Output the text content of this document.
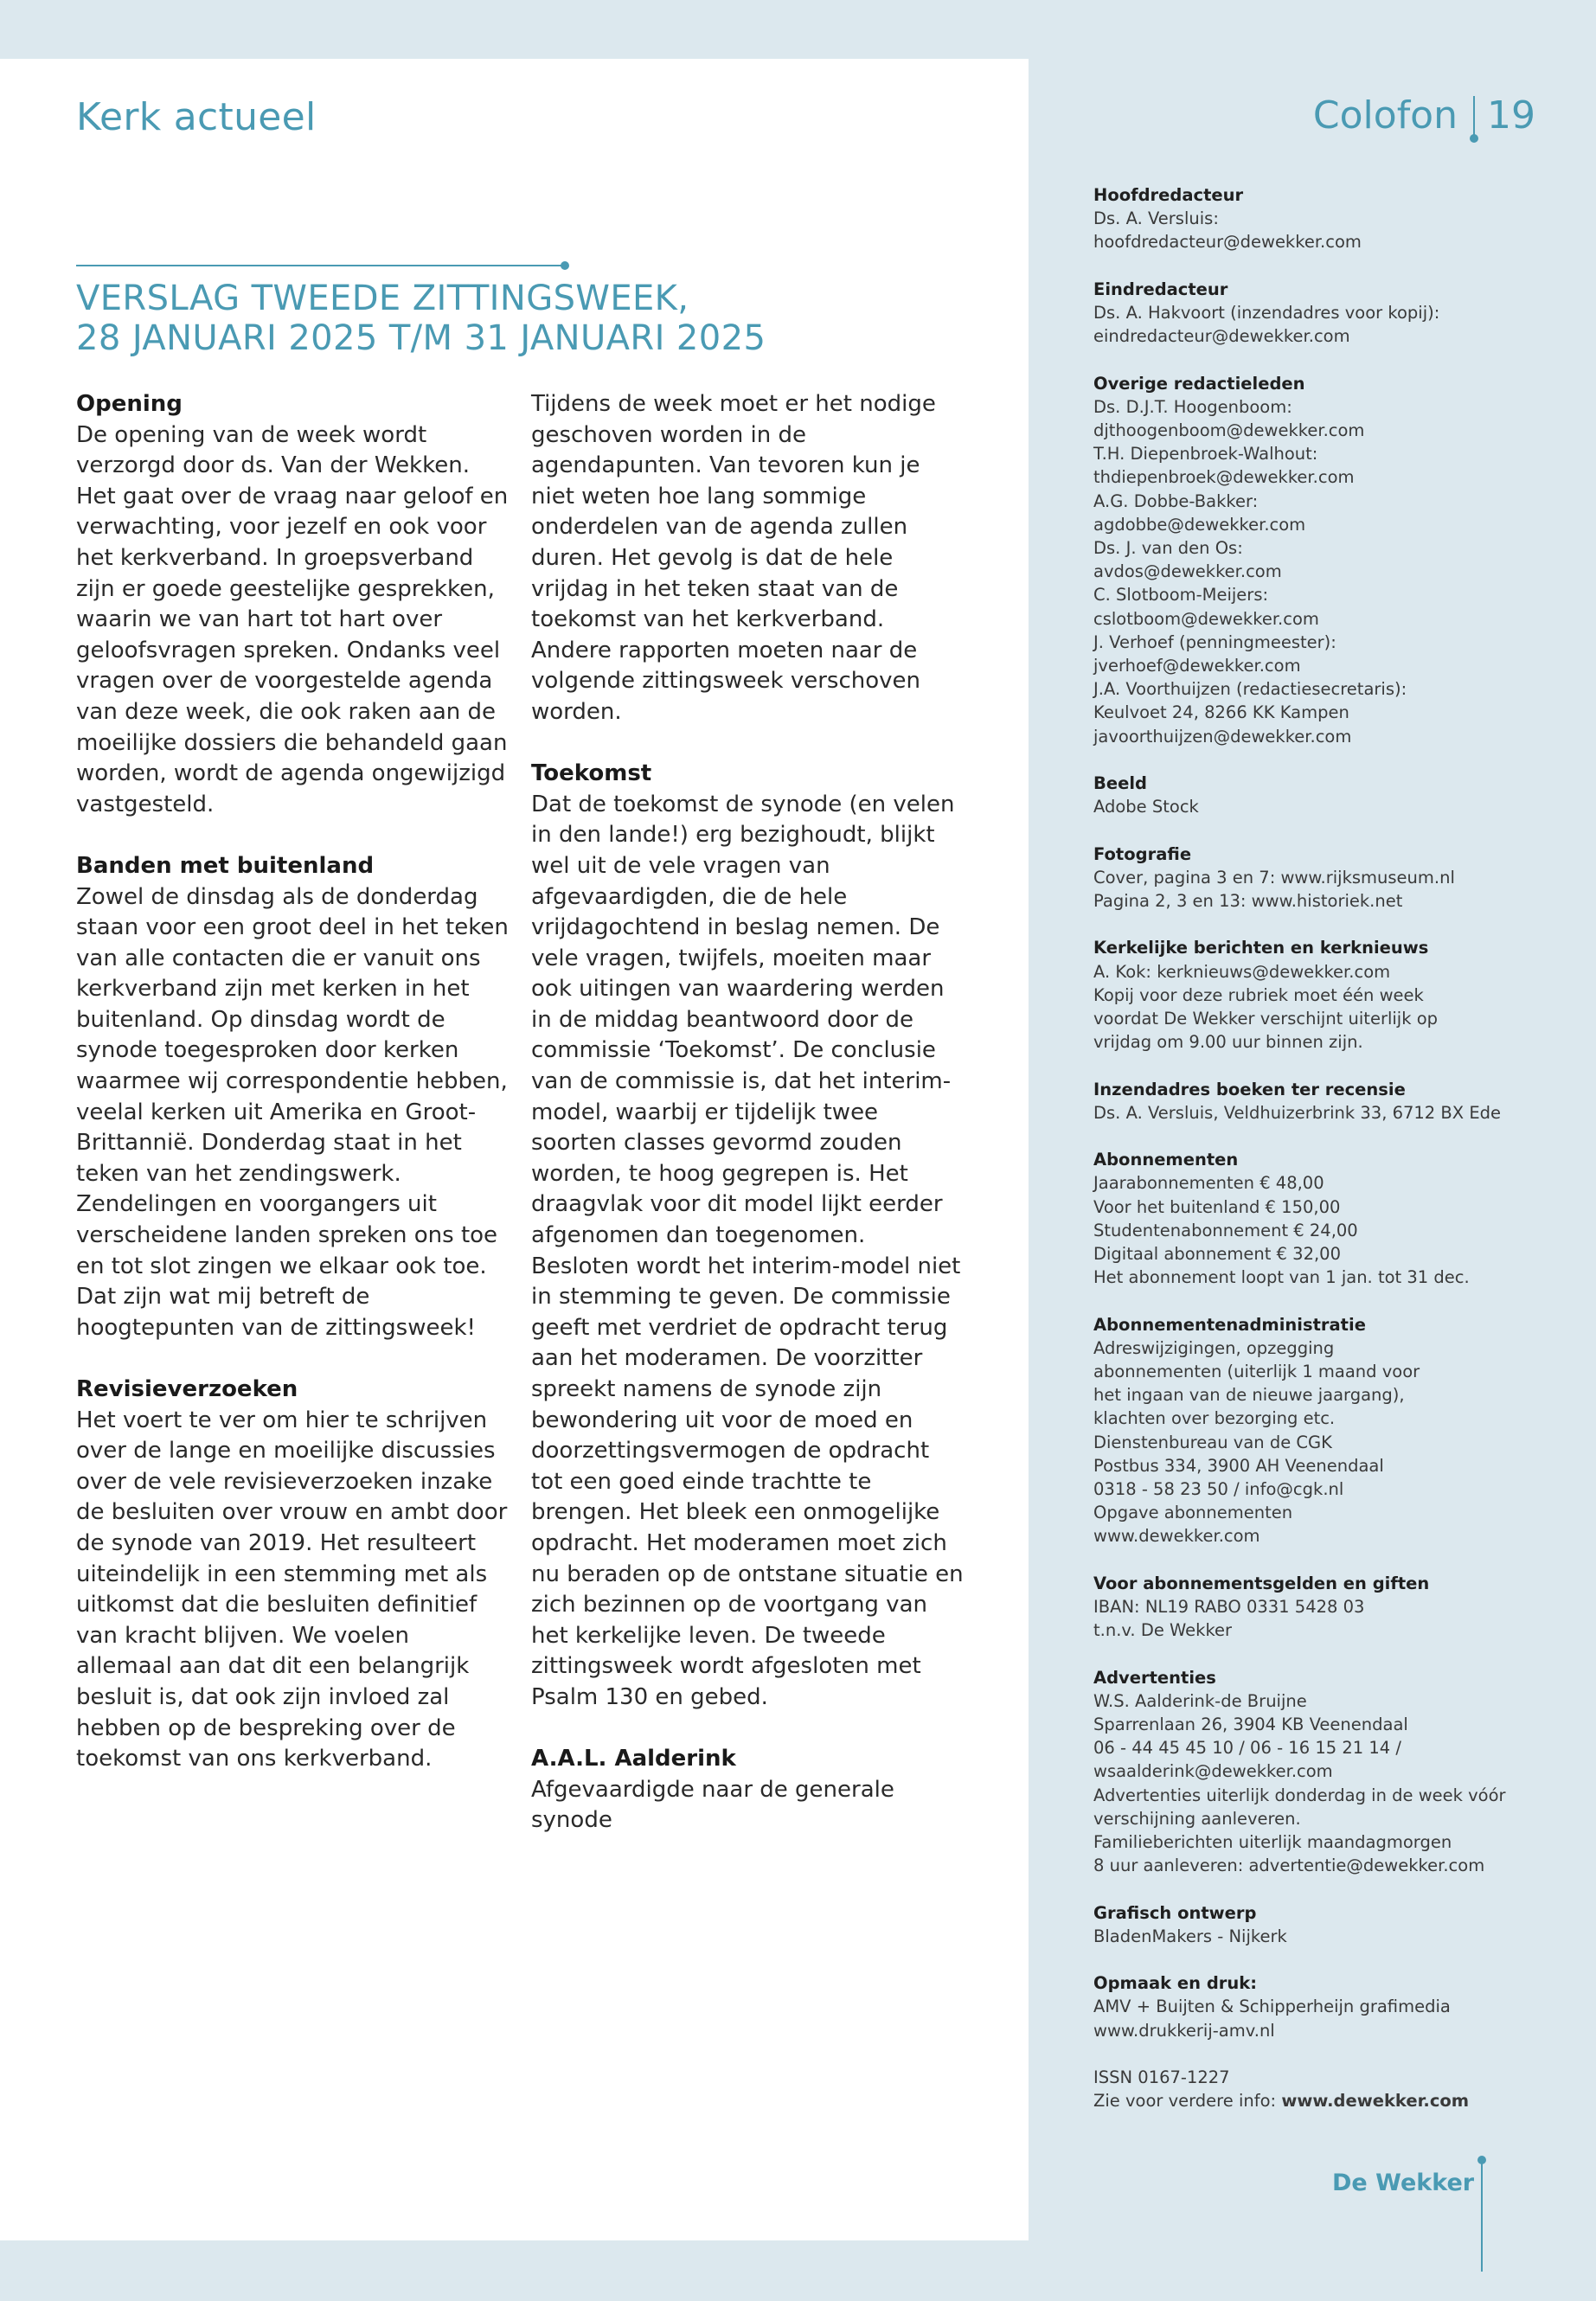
Kerk actueel
VERSLAG TWEEDE ZITTINGSWEEK,
28 JANUARI 2025 T/M 31 JANUARI 2025
Opening

De opening van de week wordt verzorgd door ds. Van der Wekken. Het gaat over de vraag naar geloof en verwachting, voor jezelf en ook voor het kerkverband. In groepsverband zijn er goede geestelijke gesprekken, waarin we van hart tot hart over geloofsvragen spreken. Ondanks veel vragen over de voorgestelde agenda van deze week, die ook raken aan de moeilijke dossiers die behandeld gaan worden, wordt de agenda ongewijzigd vastgesteld.

Banden met buitenland

Zowel de dinsdag als de donderdag staan voor een groot deel in het teken van alle contacten die er vanuit ons kerkverband zijn met kerken in het buitenland. Op dinsdag wordt de synode toegesproken door kerken waarmee wij correspondentie hebben, veelal kerken uit Amerika en Groot-Brittannië. Donderdag staat in het teken van het zendingswerk. Zendelingen en voorgangers uit verscheidene landen spreken ons toe en tot slot zingen we elkaar ook toe. Dat zijn wat mij betreft de hoogtepunten van de zittingsweek!

Revisieverzoeken

Het voert te ver om hier te schrijven over de lange en moeilijke discussies over de vele revisieverzoeken inzake de besluiten over vrouw en ambt door de synode van 2019. Het resulteert uiteindelijk in een stemming met als uitkomst dat die besluiten definitief van kracht blijven. We voelen allemaal aan dat dit een belangrijk besluit is, dat ook zijn invloed zal hebben op de bespreking over de toekomst van ons kerkverband.

Tijdens de week moet er het nodige geschoven worden in de agendapunten. Van tevoren kun je niet weten hoe lang sommige onderdelen van de agenda zullen duren. Het gevolg is dat de hele vrijdag in het teken staat van de toekomst van het kerkverband. Andere rapporten moeten naar de volgende zittingsweek verschoven worden.

Toekomst

Dat de toekomst de synode (en velen in den lande!) erg bezighoudt, blijkt wel uit de vele vragen van afgevaardigden, die de hele vrijdagochtend in beslag nemen. De vele vragen, twijfels, moeiten maar ook uitingen van waardering werden in de middag beantwoord door de commissie ‘Toekomst’. De conclusie van de commissie is, dat het interim-model, waarbij er tijdelijk twee soorten classes gevormd zouden worden, te hoog gegrepen is. Het draagvlak voor dit model lijkt eerder afgenomen dan toegenomen. Besloten wordt het interim-model niet in stemming te geven. De commissie geeft met verdriet de opdracht terug aan het moderamen. De voorzitter spreekt namens de synode zijn bewondering uit voor de moed en doorzettingsvermogen de opdracht tot een goed einde trachtte te brengen. Het bleek een onmogelijke opdracht. Het moderamen moet zich nu beraden op de ontstane situatie en zich bezinnen op de voortgang van het kerkelijke leven. De tweede zittingsweek wordt afgesloten met Psalm 130 en gebed.

A.A.L. Aalderink
Afgevaardigde naar de generale synode
Colofon 19
Hoofdredacteur
Ds. A. Versluis:
hoofdredacteur@dewekker.com
Eindredacteur
Ds. A. Hakvoort (inzendadres voor kopij):
eindredacteur@dewekker.com
Overige redactieleden
Ds. D.J.T. Hoogenboom:
djthoogenboom@dewekker.com
T.H. Diepenbroek-Walhout:
thdiepenbroek@dewekker.com
A.G. Dobbe-Bakker:
agdobbe@dewekker.com
Ds. J. van den Os:
avdos@dewekker.com
C. Slotboom-Meijers:
cslotboom@dewekker.com
J. Verhoef (penningmeester):
jverhoef@dewekker.com
J.A. Voorthuijzen (redactiesecretaris):
Keulvoet 24, 8266 KK Kampen
javoorthuijzen@dewekker.com
Beeld
Adobe Stock
Fotografie
Cover, pagina 3 en 7: www.rijksmuseum.nl
Pagina 2, 3 en 13: www.historiek.net
Kerkelijke berichten en kerknieuws
A. Kok: kerknieuws@dewekker.com
Kopij voor deze rubriek moet één week
voordat De Wekker verschijnt uiterlijk op
vrijdag om 9.00 uur binnen zijn.
Inzendadres boeken ter recensie
Ds. A. Versluis, Veldhuizerbrink 33, 6712 BX Ede
Abonnementen
Jaarabonnementen € 48,00
Voor het buitenland € 150,00
Studentenabonnement € 24,00
Digitaal abonnement € 32,00
Het abonnement loopt van 1 jan. tot 31 dec.
Abonnementenadministratie
Adreswijzigingen, opzegging
abonnementen (uiterlijk 1 maand voor
het ingaan van de nieuwe jaargang),
klachten over bezorging etc.
Dienstenbureau van de CGK
Postbus 334, 3900 AH Veenendaal
0318 - 58 23 50 / info@cgk.nl
Opgave abonnementen
www.dewekker.com
Voor abonnementsgelden en giften
IBAN: NL19 RABO 0331 5428 03
t.n.v. De Wekker
Advertenties
W.S. Aalderink-de Bruijne
Sparrenlaan 26, 3904 KB Veenendaal
06 - 44 45 45 10 / 06 - 16 15 21 14 /
wsaalderink@dewekker.com
Advertenties uiterlijk donderdag in de week vóór
verschijning aanleveren.
Familieberichten uiterlijk maandagmorgen
8 uur aanleveren: advertentie@dewekker.com
Grafisch ontwerp
BladenMakers - Nijkerk
Opmaak en druk:
AMV + Buijten & Schipperheijn grafimedia
www.drukkerij-amv.nl
ISSN 0167-1227
Zie voor verdere info: www.dewekker.com
De Wekker
